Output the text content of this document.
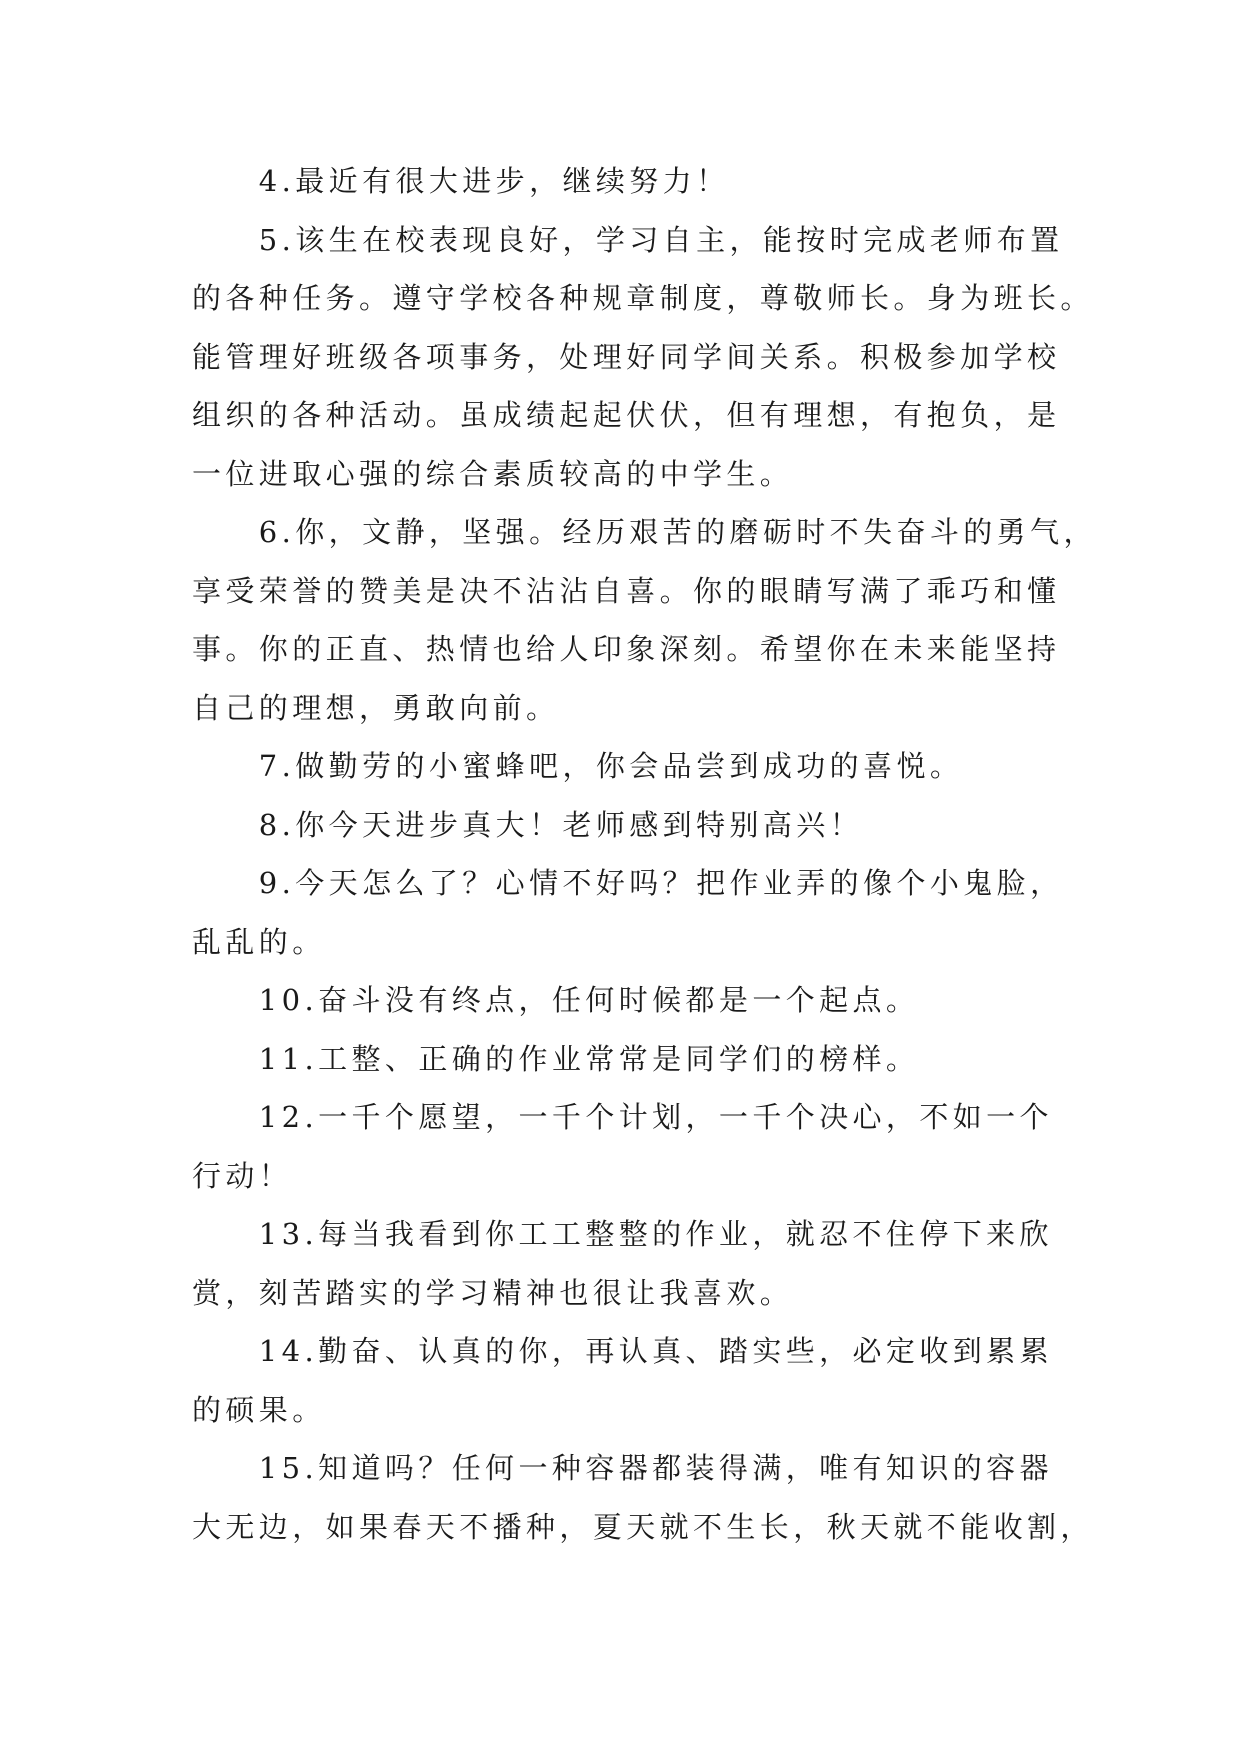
　　4.最近有很大进步，继续努力！

　　5.该生在校表现良好，学习自主，能按时完成老师布置

的各种任务。遵守学校各种规章制度，尊敬师长。身为班长。

能管理好班级各项事务，处理好同学间关系。积极参加学校

组织的各种活动。虽成绩起起伏伏，但有理想，有抱负，是

一位进取心强的综合素质较高的中学生。

　　6.你，文静，坚强。经历艰苦的磨砺时不失奋斗的勇气，

享受荣誉的赞美是决不沾沾自喜。你的眼睛写满了乖巧和懂

事。你的正直、热情也给人印象深刻。希望你在未来能坚持

自己的理想，勇敢向前。

　　7.做勤劳的小蜜蜂吧，你会品尝到成功的喜悦。

　　8.你今天进步真大！老师感到特别高兴！

　　9.今天怎么了？心情不好吗？把作业弄的像个小鬼脸，

乱乱的。

　　10.奋斗没有终点，任何时候都是一个起点。

　　11.工整、正确的作业常常是同学们的榜样。

　　12.一千个愿望，一千个计划，一千个决心，不如一个

行动！

　　13.每当我看到你工工整整的作业，就忍不住停下来欣

赏，刻苦踏实的学习精神也很让我喜欢。

　　14.勤奋、认真的你，再认真、踏实些，必定收到累累

的硕果。

　　15.知道吗？任何一种容器都装得满，唯有知识的容器

大无边，如果春天不播种，夏天就不生长，秋天就不能收割，
